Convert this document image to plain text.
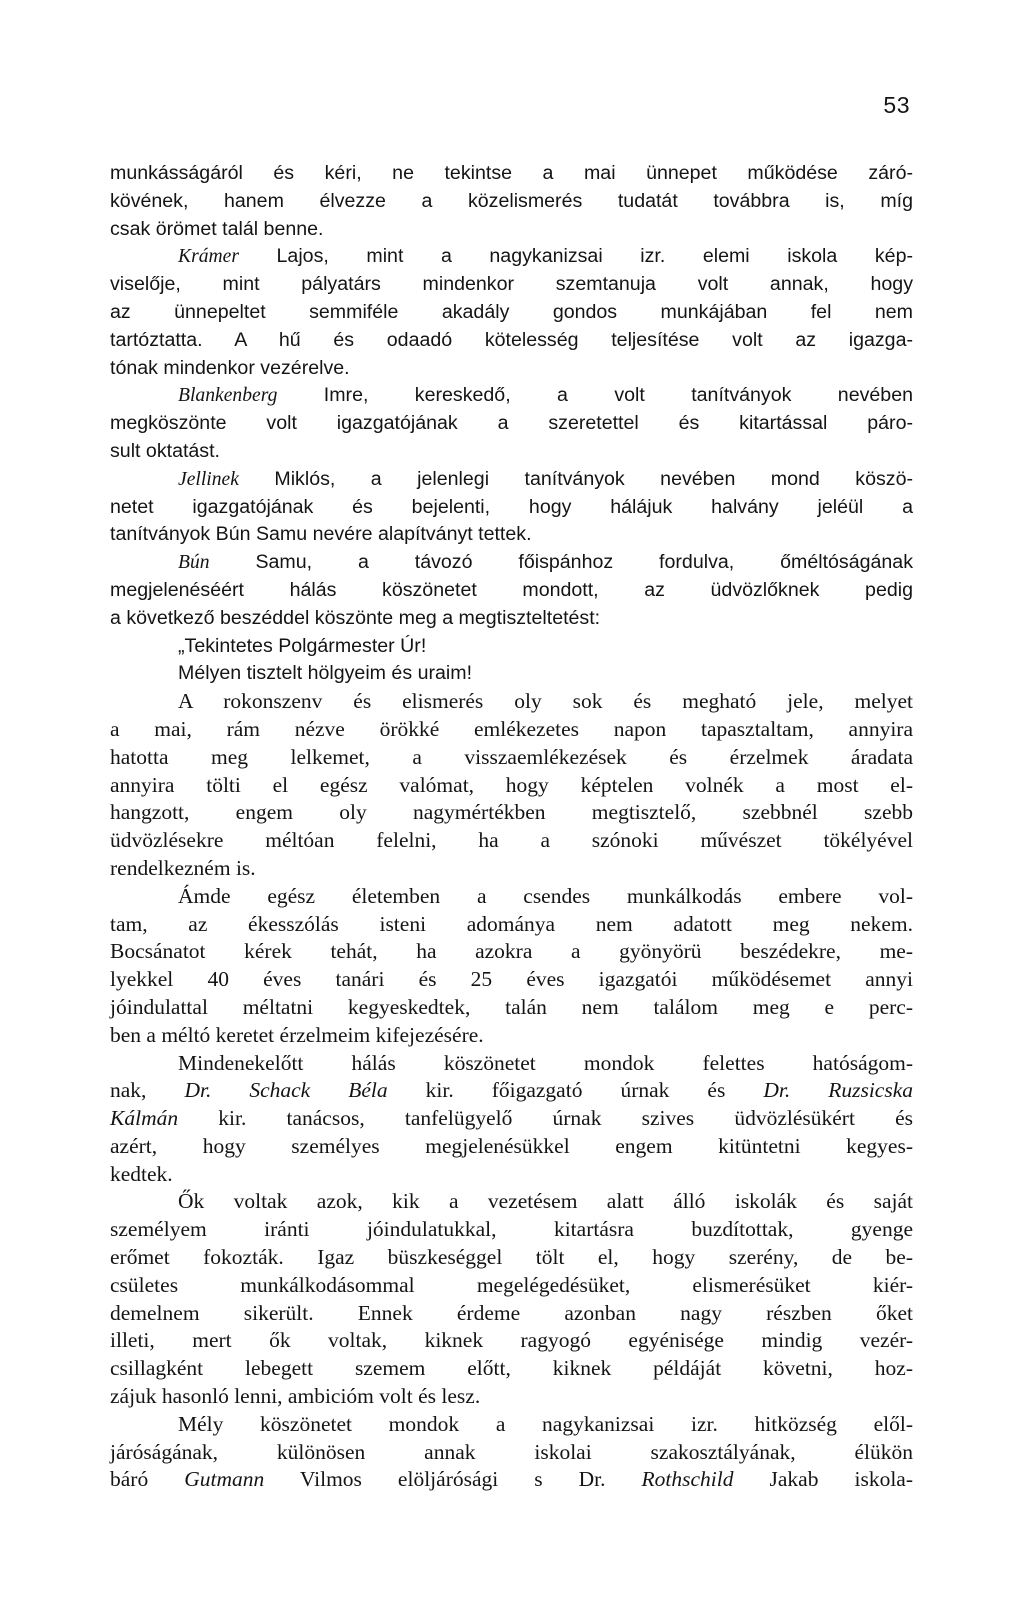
53
munkásságáról és kéri, ne tekintse a mai ünnepet működése záró-
kövének, hanem élvezze a közelismerés tudatát továbbra is, míg
csak örömet talál benne.
Krámer Lajos, mint a nagykanizsai izr. elemi iskola kép-
viselője, mint pályatárs mindenkor szemtanuja volt annak, hogy
az ünnepeltet semmiféle akadály gondos munkájában fel nem
tartóztatta. A hű és odaadó kötelesség teljesítése volt az igazga-
tónak mindenkor vezérelve.
Blankenberg Imre, kereskedő, a volt tanítványok nevében
megköszönte volt igazgatójának a szeretettel és kitartással páro-
sult oktatást.
Jellinek Miklós, a jelenlegi tanítványok nevében mond köszö-
netet igazgatójának és bejelenti, hogy hálájuk halvány jeléül a
tanítványok Bún Samu nevére alapítványt tettek.
Bún Samu, a távozó főispánhoz fordulva, őméltóságának
megjelenéséért hálás köszönetet mondott, az üdvözlőknek pedig
a következő beszéddel köszönte meg a megtiszteltetést:
„Tekintetes Polgármester Úr!
Mélyen tisztelt hölgyeim és uraim!
A rokonszenv és elismerés oly sok és megható jele, melyet
a mai, rám nézve örökké emlékezetes napon tapasztaltam, annyira
hatotta meg lelkemet, a visszaemlékezések és érzelmek áradata
annyira tölti el egész valómat, hogy képtelen volnék a most el-
hangzott, engem oly nagymértékben megtisztelő, szebbnél szebb
üdvözlésekre méltóan felelni, ha a szónoki művészet tökélyével
rendelkezném is.
Ámde egész életemben a csendes munkálkodás embere vol-
tam, az ékesszólás isteni adománya nem adatott meg nekem.
Bocsánatot kérek tehát, ha azokra a gyönyörü beszédekre, me-
lyekkel 40 éves tanári és 25 éves igazgatói működésemet annyi
jóindulattal méltatni kegyeskedtek, talán nem találom meg e perc-
ben a méltó keretet érzelmeim kifejezésére.
Mindenekelőtt hálás köszönetet mondok felettes hatóságom-
nak, Dr. Schack Béla kir. főigazgató úrnak és Dr. Ruzsicska
Kálmán kir. tanácsos, tanfelügyelő úrnak szives üdvözlésükért és
azért, hogy személyes megjelenésükkel engem kitüntetni kegyes-
kedtek.
Ők voltak azok, kik a vezetésem alatt álló iskolák és saját
személyem iránti jóindulatukkal, kitartásra buzdítottak, gyenge
erőmet fokozták. Igaz büszkeséggel tölt el, hogy szerény, de be-
csületes munkálkodásommal megelégedésüket, elismerésüket kiér-
demelnem sikerült. Ennek érdeme azonban nagy részben őket
illeti, mert ők voltak, kiknek ragyogó egyénisége mindig vezér-
csillagként lebegett szemem előtt, kiknek példáját követni, hoz-
zájuk hasonló lenni, ambicióm volt és lesz.
Mély köszönetet mondok a nagykanizsai izr. hitközség elől-
járóságának, különösen annak iskolai szakosztályának, élükön
báró Gutmann Vilmos elöljárósági s Dr. Rothschild Jakab iskola-
